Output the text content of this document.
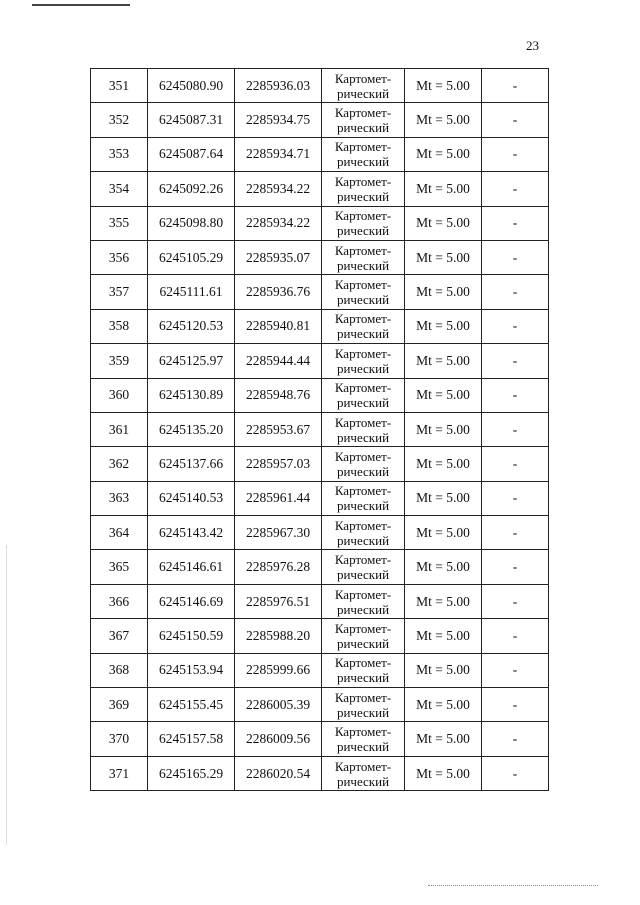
23
351	6245080.90	2285936.03	Картомет-
рический	Mt = 5.00	-
352	6245087.31	2285934.75	Картомет-
рический	Mt = 5.00	-
353	6245087.64	2285934.71	Картомет-
рический	Mt = 5.00	-
354	6245092.26	2285934.22	Картомет-
рический	Mt = 5.00	-
355	6245098.80	2285934.22	Картомет-
рический	Mt = 5.00	-
356	6245105.29	2285935.07	Картомет-
рический	Mt = 5.00	-
357	6245111.61	2285936.76	Картомет-
рический	Mt = 5.00	-
358	6245120.53	2285940.81	Картомет-
рический	Mt = 5.00	-
359	6245125.97	2285944.44	Картомет-
рический	Mt = 5.00	-
360	6245130.89	2285948.76	Картомет-
рический	Mt = 5.00	-
361	6245135.20	2285953.67	Картомет-
рический	Mt = 5.00	-
362	6245137.66	2285957.03	Картомет-
рический	Mt = 5.00	-
363	6245140.53	2285961.44	Картомет-
рический	Mt = 5.00	-
364	6245143.42	2285967.30	Картомет-
рический	Mt = 5.00	-
365	6245146.61	2285976.28	Картомет-
рический	Mt = 5.00	-
366	6245146.69	2285976.51	Картомет-
рический	Mt = 5.00	-
367	6245150.59	2285988.20	Картомет-
рический	Mt = 5.00	-
368	6245153.94	2285999.66	Картомет-
рический	Mt = 5.00	-
369	6245155.45	2286005.39	Картомет-
рический	Mt = 5.00	-
370	6245157.58	2286009.56	Картомет-
рический	Mt = 5.00	-
371	6245165.29	2286020.54	Картомет-
рический	Mt = 5.00	-
